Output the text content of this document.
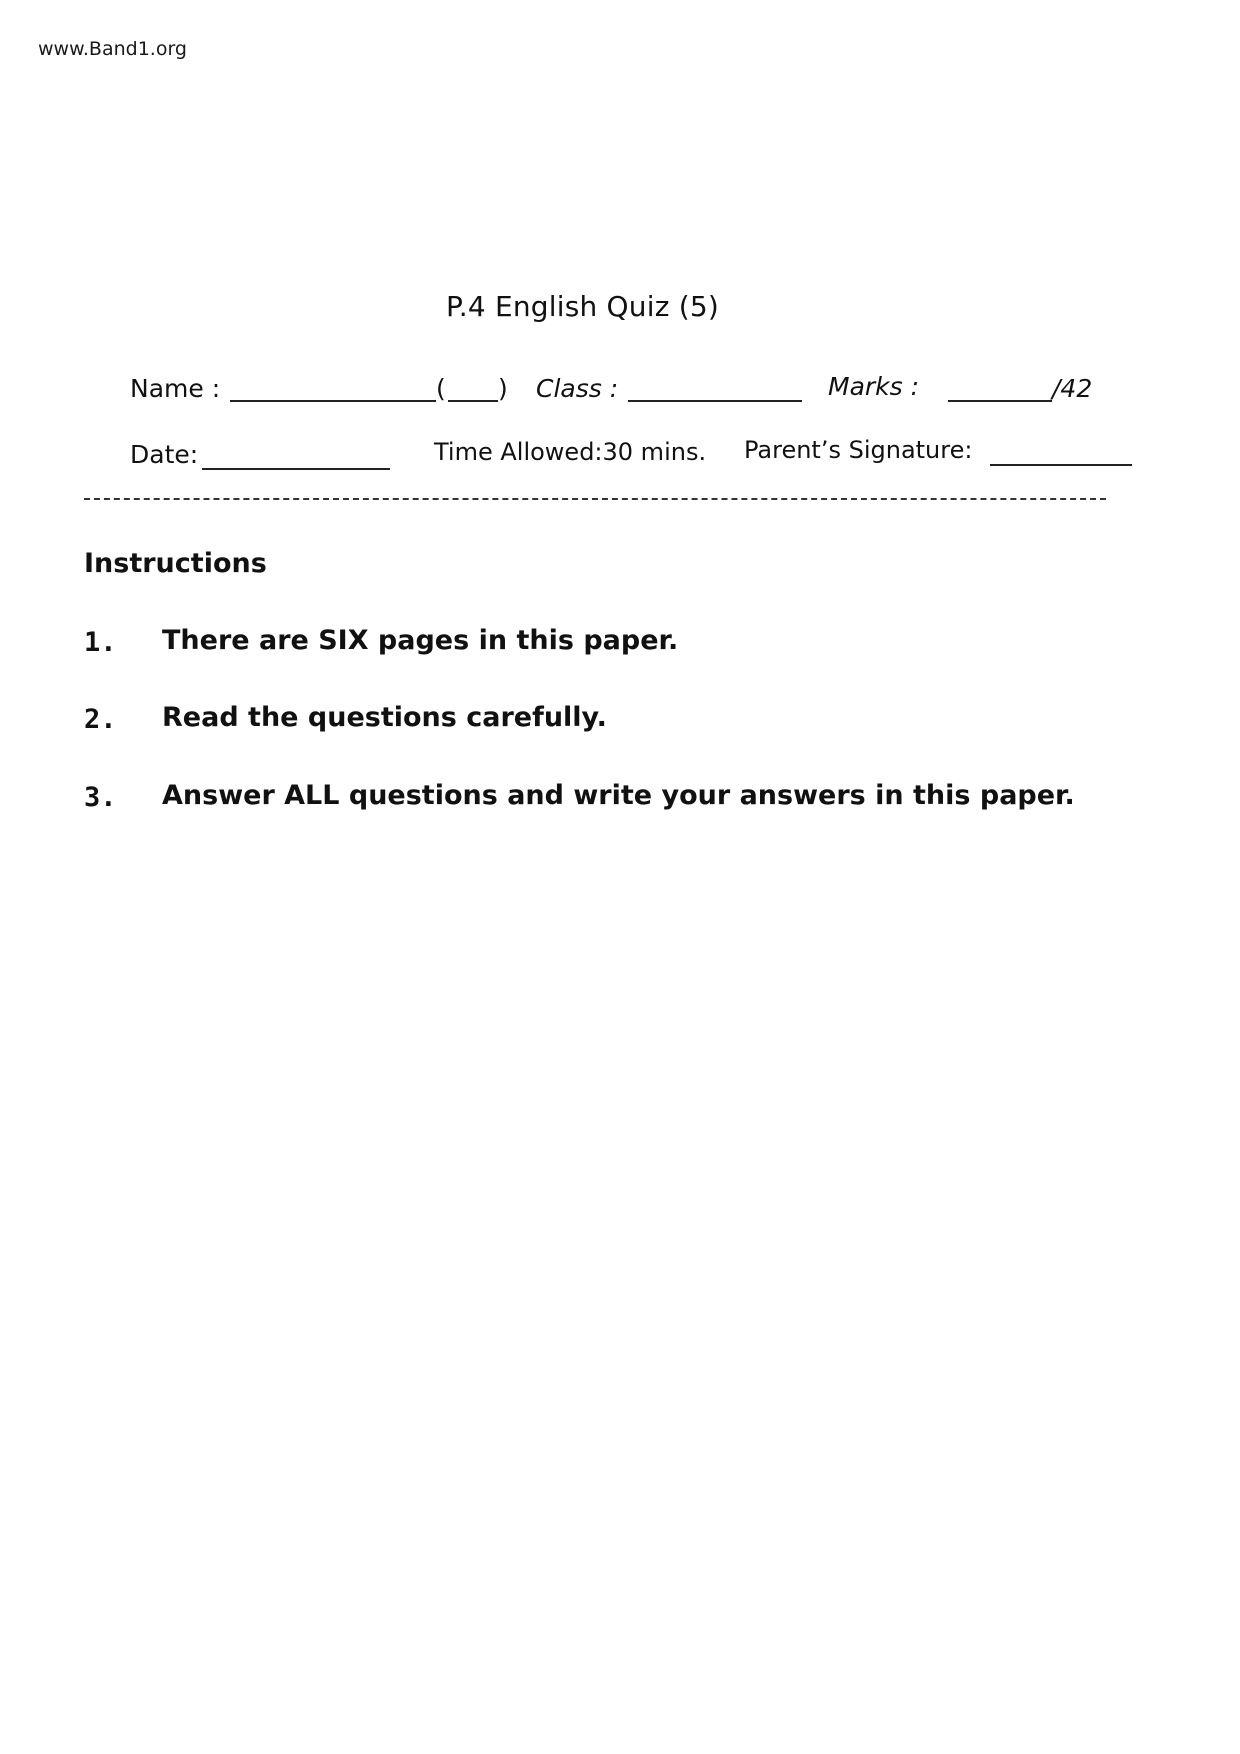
www.Band1.org
P.4 English Quiz (5)
Name :	( ) Class :	Marks :	/42
Date:	Time Allowed:30 mins. Parent’s Signature:
Instructions
1. There are SIX pages in this paper.
2. Read the questions carefully.
3. Answer ALL questions and write your answers in this paper.
